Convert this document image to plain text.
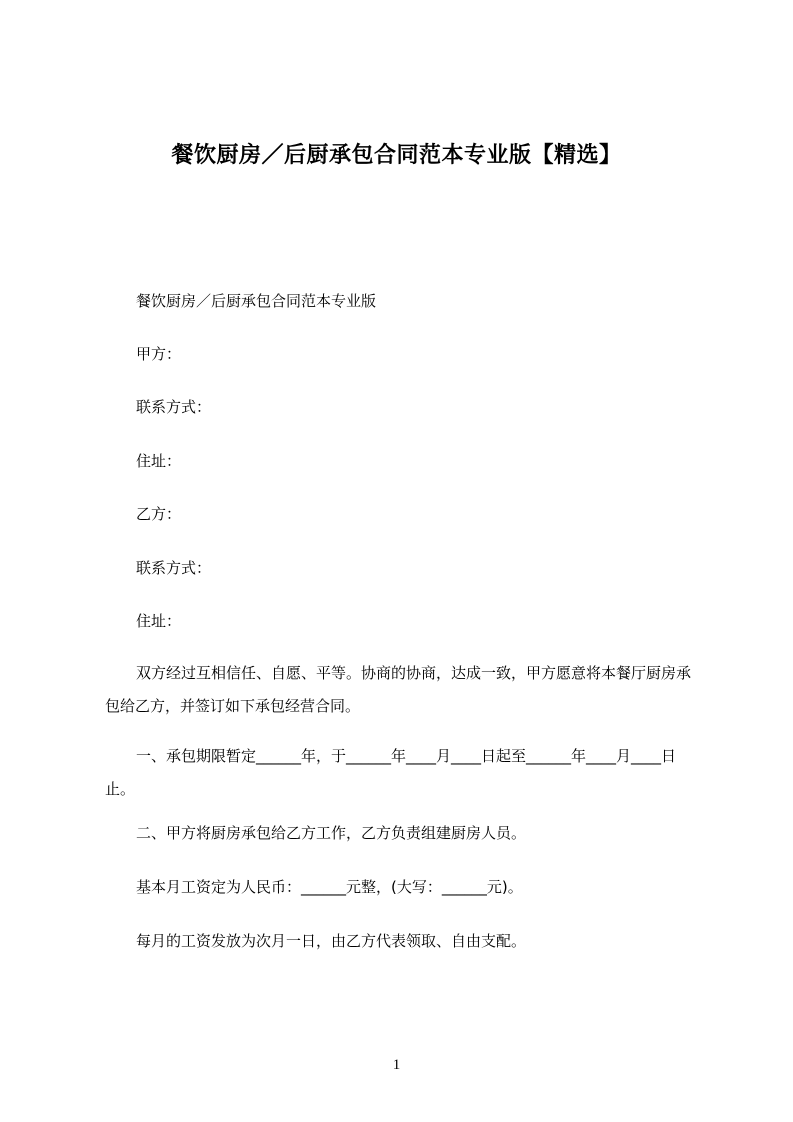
餐饮厨房／后厨承包合同范本专业版【精选】
餐饮厨房／后厨承包合同范本专业版
甲方：
联系方式：
住址：
乙方：
联系方式：
住址：
双方经过互相信任、自愿、平等。协商的协商，达成一致，甲方愿意将本餐厅厨房承包给乙方，并签订如下承包经营合同。
一、承包期限暂定______年，于______年____月____日起至______年____月____日止。
二、甲方将厨房承包给乙方工作，乙方负责组建厨房人员。
基本月工资定为人民币：______元整，(大写：______元)。
每月的工资发放为次月一日，由乙方代表领取、自由支配。
1
